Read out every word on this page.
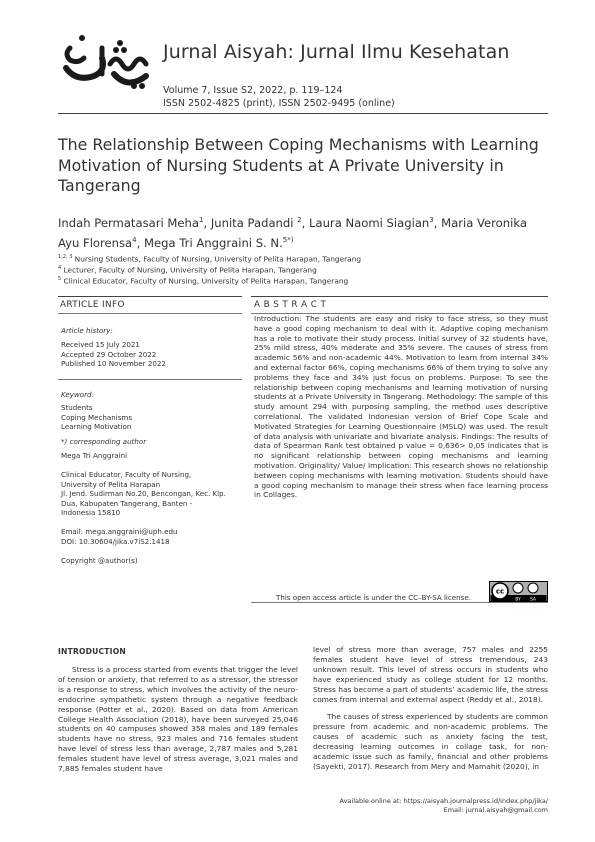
Jurnal Aisyah: Jurnal Ilmu Kesehatan
Volume 7, Issue S2, 2022, p. 119–124
ISSN 2502-4825 (print), ISSN 2502-9495 (online)
The Relationship Between Coping Mechanisms with Learning Motivation of Nursing Students at A Private University in Tangerang
Indah Permatasari Meha$^1$, Junita Padandi $^2$, Laura Naomi Siagian$^3$, Maria Veronika Ayu Florensa$^4$, Mega Tri Anggraini S. N.$^{5*)}$
$^{1,2, 3}$ Nursing Students, Faculty of Nursing, University of Pelita Harapan, Tangerang
$^4$ Lecturer, Faculty of Nursing, University of Pelita Harapan, Tangerang
$^5$ Clinical Educator, Faculty of Nursing, University of Pelita Harapan, Tangerang
ARTICLE INFO
Article history:
Received 15 July 2021
Accepted 29 October 2022
Published 10 November 2022
Keyword:
Students
Coping Mechanisms
Learning Motivation
*) corresponding author
Mega Tri Anggraini
Clinical Educator, Faculty of Nursing,
University of Pelita Harapan
Jl. Jend. Sudirman No.20, Bencongan, Kec. Klp.
Dua, Kabupaten Tangerang, Banten -
Indonesia 15810
Email: mega.anggraini@uph.edu
DOI: 10.30604/jika.v7iS2.1418
Copyright @author(s)
A B S T R A C T
Introduction: The students are easy and risky to face stress, so they must have a good coping mechanism to deal with it. Adaptive coping mechanism has a role to motivate their study process. Initial survey of 32 students have, 25% mild stress, 40% moderate and 35% severe. The causes of stress from academic 56% and non-academic 44%. Motivation to learn from internal 34% and external factor 66%, coping mechanisms 66% of them trying to solve any problems they face and 34% just focus on problems. Purpose: To see the relationship between coping mechanisms and learning motivation of nursing students at a Private University in Tangerang. Methodology: The sample of this study amount 294 with purposing sampling, the method uses descriptive correlational. The validated Indonesian version of Brief Cope Scale and Motivated Strategies for Learning Questionnaire (MSLQ) was used. The result of data analysis with univariate and bivariate analysis. Findings: The results of data of Spearman Rank test obtained p value = 0,636> 0,05 indicates that is no significant relationship between coping mechanisms and learning motivation. Originality/ Value/ Implication: This research shows no relationship between coping mechanisms with learning motivation. Students should have a good coping mechanism to manage their stress when face learning process in Collages.
This open access article is under the CC–BY-SA license.
cc
BY SA
INTRODUCTION

Stress is a process started from events that trigger the level of tension or anxiety, that referred to as a stressor, the stressor is a response to stress, which involves the activity of the neuro-endocrine sympathetic system through a negative feedback response (Potter et al., 2020). Based on data from American College Health Association (2018), have been surveyed 25,046 students on 40 campuses showed 358 males and 189 females students have no stress, 923 males and 716 females student have level of stress less than average, 2,787 males and 5,281 females student have level of stress average, 3,021 males and 7,885 females student have

level of stress more than average, 757 males and 2255 females student have level of stress tremendous, 243 unknown result. This level of stress occurs in students who have experienced study as college student for 12 months. Stress has become a part of students’ academic life, the stress comes from internal and external aspect (Reddy et al., 2018).

The causes of stress experienced by students are common pressure from academic and non-academic problems. The causes of academic such as anxiety facing the test, decreasing learning outcomes in collage task, for non-academic issue such as family, financial and other problems (Sayekti, 2017). Research from Mery and Mamahit (2020), in

Available online at: https://aisyah.journalpress.id/index.php/jika/
Email: jurnal.aisyah@gmail.com
